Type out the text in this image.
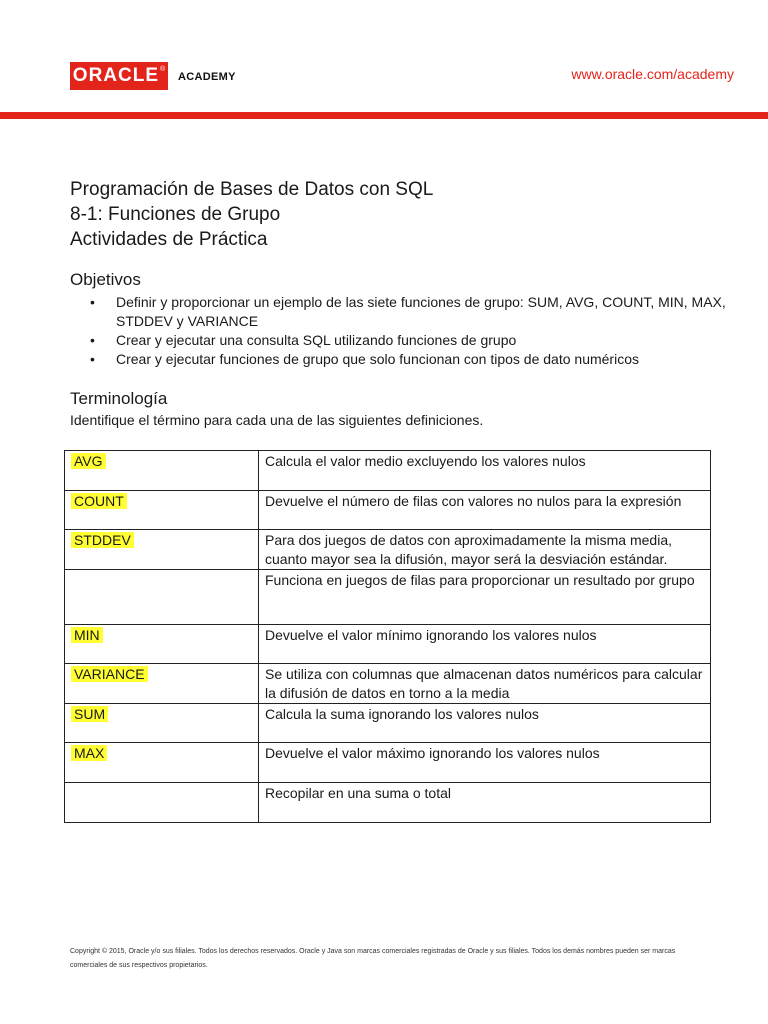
ORACLE ®
ACADEMY	www.oracle.com/academy
Programación de Bases de Datos con SQL
8-1: Funciones de Grupo
Actividades de Práctica
Objetivos
• Definir y proporcionar un ejemplo de las siete funciones de grupo: SUM, AVG, COUNT, MIN, MAX, STDDEV y VARIANCE
• Crear y ejecutar una consulta SQL utilizando funciones de grupo
• Crear y ejecutar funciones de grupo que solo funcionan con tipos de dato numéricos
Terminología
Identifique el término para cada una de las siguientes definiciones.
AVG	Calcula el valor medio excluyendo los valores nulos
COUNT	Devuelve el número de filas con valores no nulos para la expresión
STDDEV	Para dos juegos de datos con aproximadamente la misma media, cuanto mayor sea la difusión, mayor será la desviación estándar.
	Funciona en juegos de filas para proporcionar un resultado por grupo
MIN	Devuelve el valor mínimo ignorando los valores nulos
VARIANCE	Se utiliza con columnas que almacenan datos numéricos para calcular la difusión de datos en torno a la media
SUM	Calcula la suma ignorando los valores nulos
MAX	Devuelve el valor máximo ignorando los valores nulos
	Recopilar en una suma o total
Copyright © 2015, Oracle y/o sus filiales. Todos los derechos reservados. Oracle y Java son marcas comerciales registradas de Oracle y sus filiales. Todos los demás nombres pueden ser marcas comerciales de sus respectivos propietarios.
